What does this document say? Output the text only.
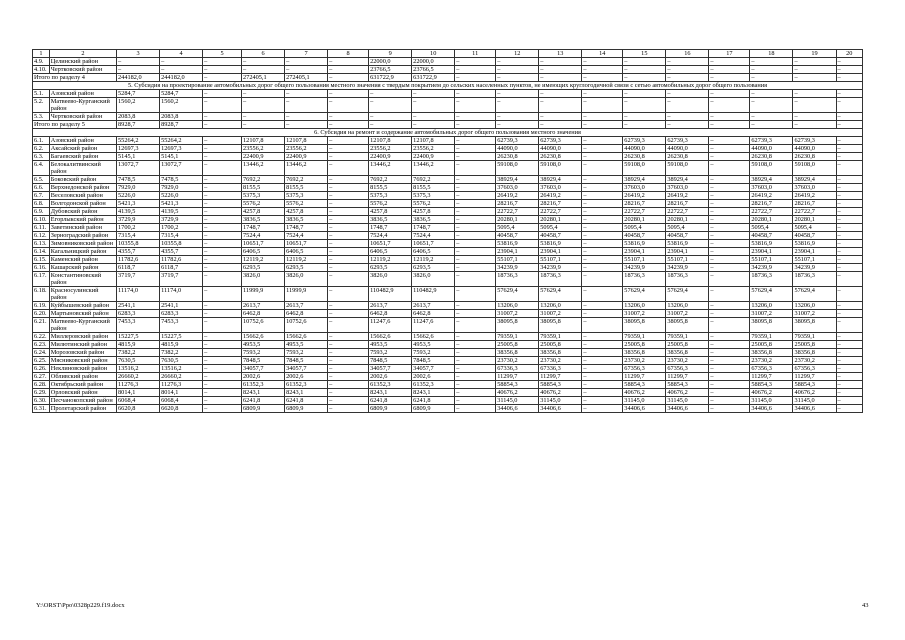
1	2	3	4	5	6	7	8	9	10	11	12	13	14	15	16	17	18	19	20
4.9.	Целинский район	–	–	–	–	–	–	22000,0	22000,0	–	–	–	–	–	–	–	–	–	–
4.10.	Чертковский район	–	–	–	–	–	–	23766,5	23766,5	–	–	–	–	–	–	–	–	–	–
Итого по разделу 4		244182,0	244182,0	–	272405,1	272405,1	–	631722,9	631722,9	–	–	–	–	–	–	–	–	–	–
5. Субсидия на проектирование автомобильных дорог общего пользования местного значения с твердым покрытием до сельских населенных пунктов, не имеющих круглогодичной связи с сетью автомобильных дорог общего пользования																			
5.1.	Азовский район	5284,7	5284,7	–	–	–	–	–	–	–	–	–	–	–	–	–	–	–	–
5.2.	Матвеево-Курганский район	1560,2	1560,2	–	–	–	–	–	–	–	–	–	–	–	–	–	–	–	–
5.3.	Чертковский район	2083,8	2083,8	–	–	–	–	–	–	–	–	–	–	–	–	–	–	–	–
Итого по разделу 5		8928,7	8928,7	–	–	–	–	–	–	–	–	–	–	–	–	–	–	–	–
6. Субсидия на ремонт и содержание автомобильных дорог общего пользования местного значения																			
6.1.	Азовский район	55264,2	55264,2	–	12107,8	12107,8	–	12107,8	12107,8	–	62739,3	62739,3	–	62739,3	62739,3	–	62739,3	62739,3	–
6.2.	Аксайский район	12697,3	12697,3	–	23556,2	23556,2	–	23556,2	23556,2	–	44090,0	44090,0	–	44090,0	44090,0	–	44090,0	44090,0	–
6.3.	Багаевский район	5145,1	5145,1	–	22400,9	22400,9	–	22400,9	22400,9	–	26230,8	26230,8	–	26230,8	26230,8	–	26230,8	26230,8	–
6.4.	Белокалитвинский район	13072,7	13072,7	–	13446,2	13446,2	–	13446,2	13446,2	–	59108,0	59108,0	–	59108,0	59108,0	–	59108,0	59108,0	–
6.5.	Боковский район	7478,5	7478,5	–	7692,2	7692,2	–	7692,2	7692,2	–	38929,4	38929,4	–	38929,4	38929,4	–	38929,4	38929,4	–
6.6.	Верхнедонской район	7929,0	7929,0	–	8155,5	8155,5	–	8155,5	8155,5	–	37603,0	37603,0	–	37603,0	37603,0	–	37603,0	37603,0	–
6.7.	Веселовский район	5226,0	5226,0	–	5375,3	5375,3	–	5375,3	5375,3	–	26419,2	26419,2	–	26419,2	26419,2	–	26419,2	26419,2	–
6.8.	Волгодонской район	5421,3	5421,3	–	5576,2	5576,2	–	5576,2	5576,2	–	28216,7	28216,7	–	28216,7	28216,7	–	28216,7	28216,7	–
6.9.	Дубовский район	4139,5	4139,5	–	4257,8	4257,8	–	4257,8	4257,8	–	22722,7	22722,7	–	22722,7	22722,7	–	22722,7	22722,7	–
6.10.	Егорлыкский район	3729,9	3729,9	–	3836,5	3836,5	–	3836,5	3836,5	–	20280,1	20280,1	–	20280,1	20280,1	–	20280,1	20280,1	–
6.11.	Заветинский район	1700,2	1700,2	–	1748,7	1748,7	–	1748,7	1748,7	–	5095,4	5095,4	–	5095,4	5095,4	–	5095,4	5095,4	–
6.12.	Зерноградский район	7315,4	7315,4	–	7524,4	7524,4	–	7524,4	7524,4	–	40458,7	40458,7	–	40458,7	40458,7	–	40458,7	40458,7	–
6.13.	Зимовниковский район	10355,8	10355,8	–	10651,7	10651,7	–	10651,7	10651,7	–	53816,9	53816,9	–	53816,9	53816,9	–	53816,9	53816,9	–
6.14.	Кагальницкий район	4355,7	4355,7	–	6406,5	6406,5	–	6406,5	6406,5	–	23904,1	23904,1	–	23904,1	23904,1	–	23904,1	23904,1	–
6.15.	Каменский район	11782,6	11782,6	–	12119,2	12119,2	–	12119,2	12119,2	–	55107,1	55107,1	–	55107,1	55107,1	–	55107,1	55107,1	–
6.16.	Кашарский район	6118,7	6118,7	–	6293,5	6293,5	–	6293,5	6293,5	–	34239,9	34239,9	–	34239,9	34239,9	–	34239,9	34239,9	–
6.17.	Константиновский район	3719,7	3719,7	–	3826,0	3826,0	–	3826,0	3826,0	–	18736,3	18736,3	–	18736,3	18736,3	–	18736,3	18736,3	–
6.18.	Красносулинский район	11174,0	11174,0	–	11999,9	11999,9	–	110482,9	110482,9	–	57629,4	57629,4	–	57629,4	57629,4	–	57629,4	57629,4	–
6.19.	Куйбышевский район	2541,1	2541,1	–	2613,7	2613,7	–	2613,7	2613,7	–	13206,0	13206,0	–	13206,0	13206,0	–	13206,0	13206,0	–
6.20.	Мартыновский район	6283,3	6283,3	–	6462,8	6462,8	–	6462,8	6462,8	–	31007,2	31007,2	–	31007,2	31007,2	–	31007,2	31007,2	–
6.21.	Матвеево-Курганский район	7453,3	7453,3	–	10752,6	10752,6	–	11247,6	11247,6	–	38095,8	38095,8	–	38095,8	38095,8	–	38095,8	38095,8	–
6.22.	Миллеровский район	15227,5	15227,5	–	15662,6	15662,6	–	15662,6	15662,6	–	79359,1	79359,1	–	79359,1	79359,1	–	79359,1	79359,1	–
6.23.	Милютинский район	4815,9	4815,9	–	4953,5	4953,5	–	4953,5	4953,5	–	25005,8	25005,8	–	25005,8	25005,8	–	25005,8	25005,8	–
6.24.	Морозовский район	7382,2	7382,2	–	7593,2	7593,2	–	7593,2	7593,2	–	38356,8	38356,8	–	38356,8	38356,8	–	38356,8	38356,8	–
6.25.	Мясниковский район	7630,5	7630,5	–	7848,5	7848,5	–	7848,5	7848,5	–	23730,2	23730,2	–	23730,2	23730,2	–	23730,2	23730,2	–
6.26.	Неклиновский район	13516,2	13516,2	–	34057,7	34057,7	–	34057,7	34057,7	–	67336,3	67336,3	–	67356,3	67356,3	–	67356,3	67356,3	–
6.27.	Обливский район	26660,2	26660,2	–	2002,6	2002,6	–	2002,6	2002,6	–	11299,7	11299,7	–	11299,7	11299,7	–	11299,7	11299,7	–
6.28.	Октябрьский район	11276,3	11276,3	–	61352,3	61352,3	–	61352,3	61352,3	–	58854,3	58854,3	–	58854,3	58854,3	–	58854,3	58854,3	–
6.29.	Орловский район	8014,1	8014,1	–	8243,1	8243,1	–	8243,1	8243,1	–	40676,2	40676,2	–	40676,2	40676,2	–	40676,2	40676,2	–
6.30.	Песчанокопский район	6068,4	6068,4	–	6241,8	6241,8	–	6241,8	6241,8	–	31145,0	31145,0	–	31145,0	31145,0	–	31145,0	31145,0	–
6.31.	Пролетарский район	6620,8	6620,8	–	6809,9	6809,9	–	6809,9	6809,9	–	34406,6	34406,6	–	34406,6	34406,6	–	34406,6	34406,6	–
Y:\ORST\Ppo\0328p229.f19.docx	43
